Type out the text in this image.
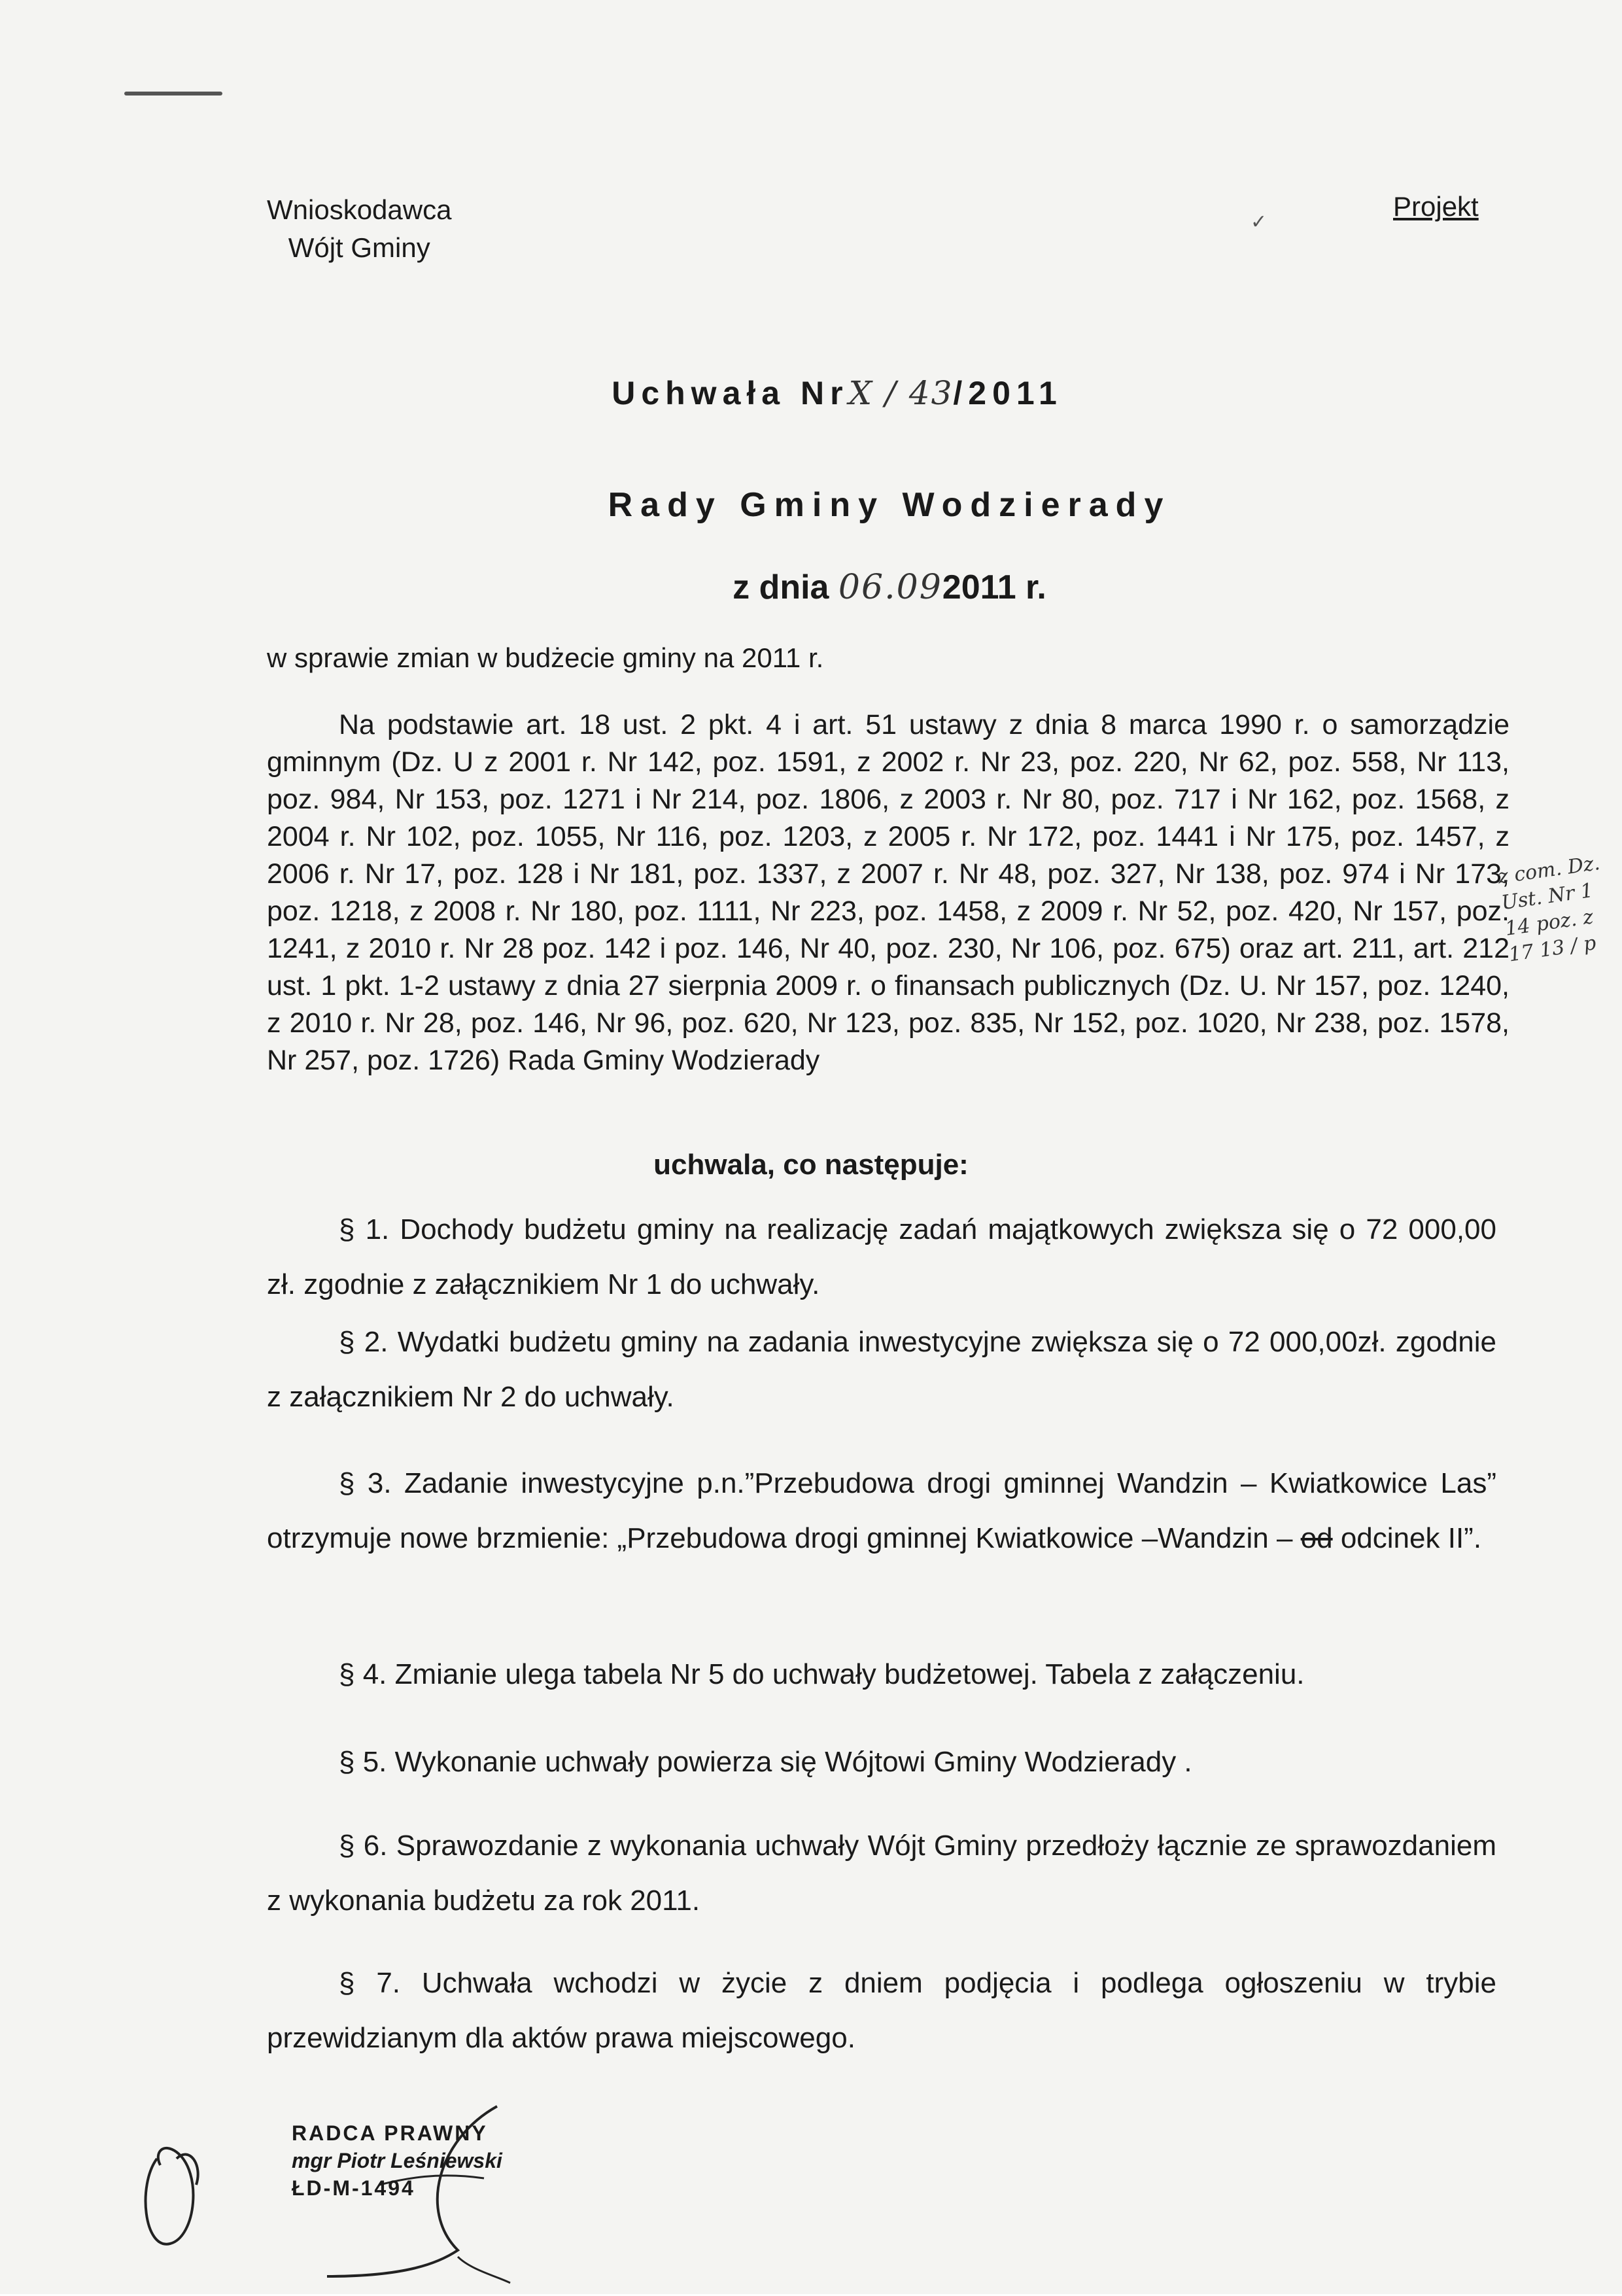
Wnioskodawca
Wójt Gminy
✓
Projekt
Uchwała NrX / 43/2011
Rady Gminy Wodzierady
z dnia 06.092011 r.
w sprawie zmian w budżecie gminy na 2011 r.
Na podstawie art. 18 ust. 2 pkt. 4 i art. 51 ustawy z dnia 8 marca 1990 r. o samorządzie gminnym (Dz. U z 2001 r. Nr 142, poz. 1591, z 2002 r. Nr 23, poz. 220, Nr 62, poz. 558, Nr 113, poz. 984, Nr 153, poz. 1271 i Nr 214, poz. 1806, z 2003 r. Nr 80, poz. 717 i Nr 162, poz. 1568, z 2004 r. Nr 102, poz. 1055, Nr 116, poz. 1203, z 2005 r. Nr 172, poz. 1441 i Nr 175, poz. 1457, z 2006 r. Nr 17, poz. 128 i Nr 181, poz. 1337, z 2007 r. Nr 48, poz. 327, Nr 138, poz. 974 i Nr 173, poz. 1218, z 2008 r. Nr 180, poz. 1111, Nr 223, poz. 1458, z 2009 r. Nr 52, poz. 420, Nr 157, poz. 1241, z 2010 r. Nr 28 poz. 142 i poz. 146, Nr 40, poz. 230, Nr 106, poz. 675) oraz art. 211, art. 212 ust. 1 pkt. 1-2 ustawy z dnia 27 sierpnia 2009 r. o finansach publicznych (Dz. U. Nr 157, poz. 1240, z 2010 r. Nr 28, poz. 146, Nr 96, poz. 620, Nr 123, poz. 835, Nr 152, poz. 1020, Nr 238, poz. 1578, Nr 257, poz. 1726) Rada Gminy Wodzierady
z com. Dz. Ust. Nr 1 14 poz. z 17 13 / p
uchwala, co następuje:
§ 1. Dochody budżetu gminy na realizację zadań majątkowych zwiększa się o 72 000,00 zł. zgodnie z załącznikiem Nr 1 do uchwały.
§ 2. Wydatki budżetu gminy na zadania inwestycyjne zwiększa się o 72 000,00zł. zgodnie z załącznikiem Nr 2 do uchwały.
§ 3. Zadanie inwestycyjne p.n.”Przebudowa drogi gminnej Wandzin – Kwiatkowice Las” otrzymuje nowe brzmienie: „Przebudowa drogi gminnej Kwiatkowice –Wandzin – od odcinek II”.
§ 4. Zmianie ulega tabela Nr 5 do uchwały budżetowej. Tabela z załączeniu.
§ 5. Wykonanie uchwały powierza się Wójtowi Gminy Wodzierady .
§ 6. Sprawozdanie z wykonania uchwały Wójt Gminy przedłoży łącznie ze sprawozdaniem z wykonania budżetu za rok 2011.
§ 7. Uchwała wchodzi w życie z dniem podjęcia i podlega ogłoszeniu w trybie przewidzianym dla aktów prawa miejscowego.
RADCA PRAWNY
mgr Piotr Leśniewski
ŁD-M-1494
